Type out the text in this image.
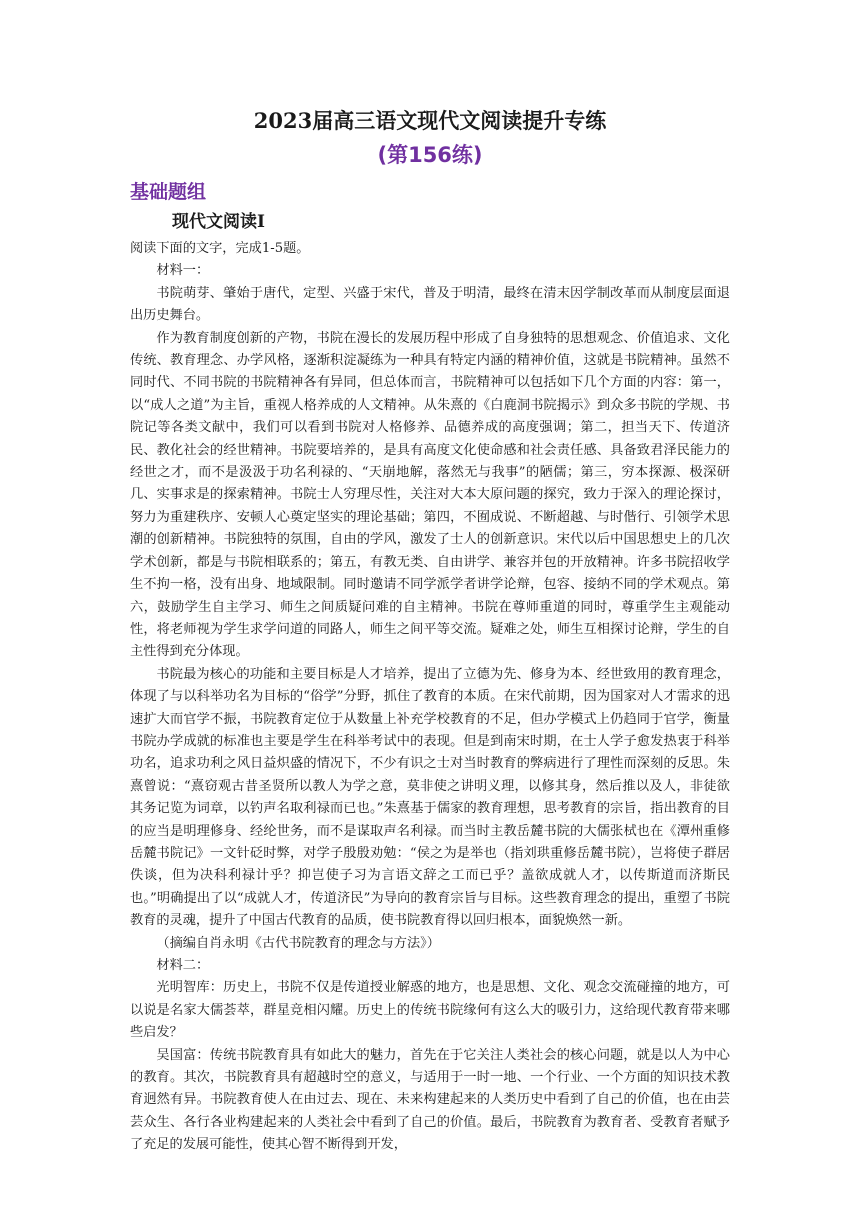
2023届高三语文现代文阅读提升专练
(第156练)
基础题组
现代文阅读Ⅰ

阅读下面的文字，完成1-5题。

材料一：

书院萌芽、肇始于唐代，定型、兴盛于宋代，普及于明清，最终在清末因学制改革而从制度层面退出历史舞台。

作为教育制度创新的产物，书院在漫长的发展历程中形成了自身独特的思想观念、价值追求、文化传统、教育理念、办学风格，逐渐积淀凝练为一种具有特定内涵的精神价值，这就是书院精神。虽然不同时代、不同书院的书院精神各有异同，但总体而言，书院精神可以包括如下几个方面的内容：第一，以“成人之道”为主旨，重视人格养成的人文精神。从朱熹的《白鹿洞书院揭示》到众多书院的学规、书院记等各类文献中，我们可以看到书院对人格修养、品德养成的高度强调；第二，担当天下、传道济民、教化社会的经世精神。书院要培养的，是具有高度文化使命感和社会责任感、具备致君泽民能力的经世之才，而不是汲汲于功名利禄的、“天崩地解，落然无与我事”的陋儒；第三，穷本探源、极深研几、实事求是的探索精神。书院士人穷理尽性，关注对大本大原问题的探究，致力于深入的理论探讨，努力为重建秩序、安顿人心奠定坚实的理论基础；第四，不囿成说、不断超越、与时偕行、引领学术思潮的创新精神。书院独特的氛围，自由的学风，激发了士人的创新意识。宋代以后中国思想史上的几次学术创新，都是与书院相联系的；第五，有教无类、自由讲学、兼容并包的开放精神。许多书院招收学生不拘一格，没有出身、地域限制。同时邀请不同学派学者讲学论辩，包容、接纳不同的学术观点。第六，鼓励学生自主学习、师生之间质疑问难的自主精神。书院在尊师重道的同时，尊重学生主观能动性，将老师视为学生求学问道的同路人，师生之间平等交流。疑难之处，师生互相探讨论辩，学生的自主性得到充分体现。

书院最为核心的功能和主要目标是人才培养，提出了立德为先、修身为本、经世致用的教育理念，体现了与以科举功名为目标的“俗学”分野，抓住了教育的本质。在宋代前期，因为国家对人才需求的迅速扩大而官学不振，书院教育定位于从数量上补充学校教育的不足，但办学模式上仍趋同于官学，衡量书院办学成就的标准也主要是学生在科举考试中的表现。但是到南宋时期，在士人学子愈发热衷于科举功名，追求功利之风日益炽盛的情况下，不少有识之士对当时教育的弊病进行了理性而深刻的反思。朱熹曾说：“熹窃观古昔圣贤所以教人为学之意，莫非使之讲明义理，以修其身，然后推以及人，非徒欲其务记览为词章，以钓声名取利禄而已也。”朱熹基于儒家的教育理想，思考教育的宗旨，指出教育的目的应当是明理修身、经纶世务，而不是谋取声名利禄。而当时主教岳麓书院的大儒张栻也在《潭州重修岳麓书院记》一文针砭时弊，对学子殷殷劝勉：“侯之为是举也（指刘珙重修岳麓书院），岂将使子群居佚谈，但为决科利禄计乎？抑岂使子习为言语文辞之工而已乎？盖欲成就人才，以传斯道而济斯民也。”明确提出了以“成就人才，传道济民”为导向的教育宗旨与目标。这些教育理念的提出，重塑了书院教育的灵魂，提升了中国古代教育的品质，使书院教育得以回归根本，面貌焕然一新。

（摘编自肖永明《古代书院教育的理念与方法》）

材料二：

光明智库：历史上，书院不仅是传道授业解惑的地方，也是思想、文化、观念交流碰撞的地方，可以说是名家大儒荟萃，群星竞相闪耀。历史上的传统书院缘何有这么大的吸引力，这给现代教育带来哪些启发？

吴国富：传统书院教育具有如此大的魅力，首先在于它关注人类社会的核心问题，就是以人为中心的教育。其次，书院教育具有超越时空的意义，与适用于一时一地、一个行业、一个方面的知识技术教育迥然有异。书院教育使人在由过去、现在、未来构建起来的人类历史中看到了自己的价值，也在由芸芸众生、各行各业构建起来的人类社会中看到了自己的价值。最后，书院教育为教育者、受教育者赋予了充足的发展可能性，使其心智不断得到开发，
